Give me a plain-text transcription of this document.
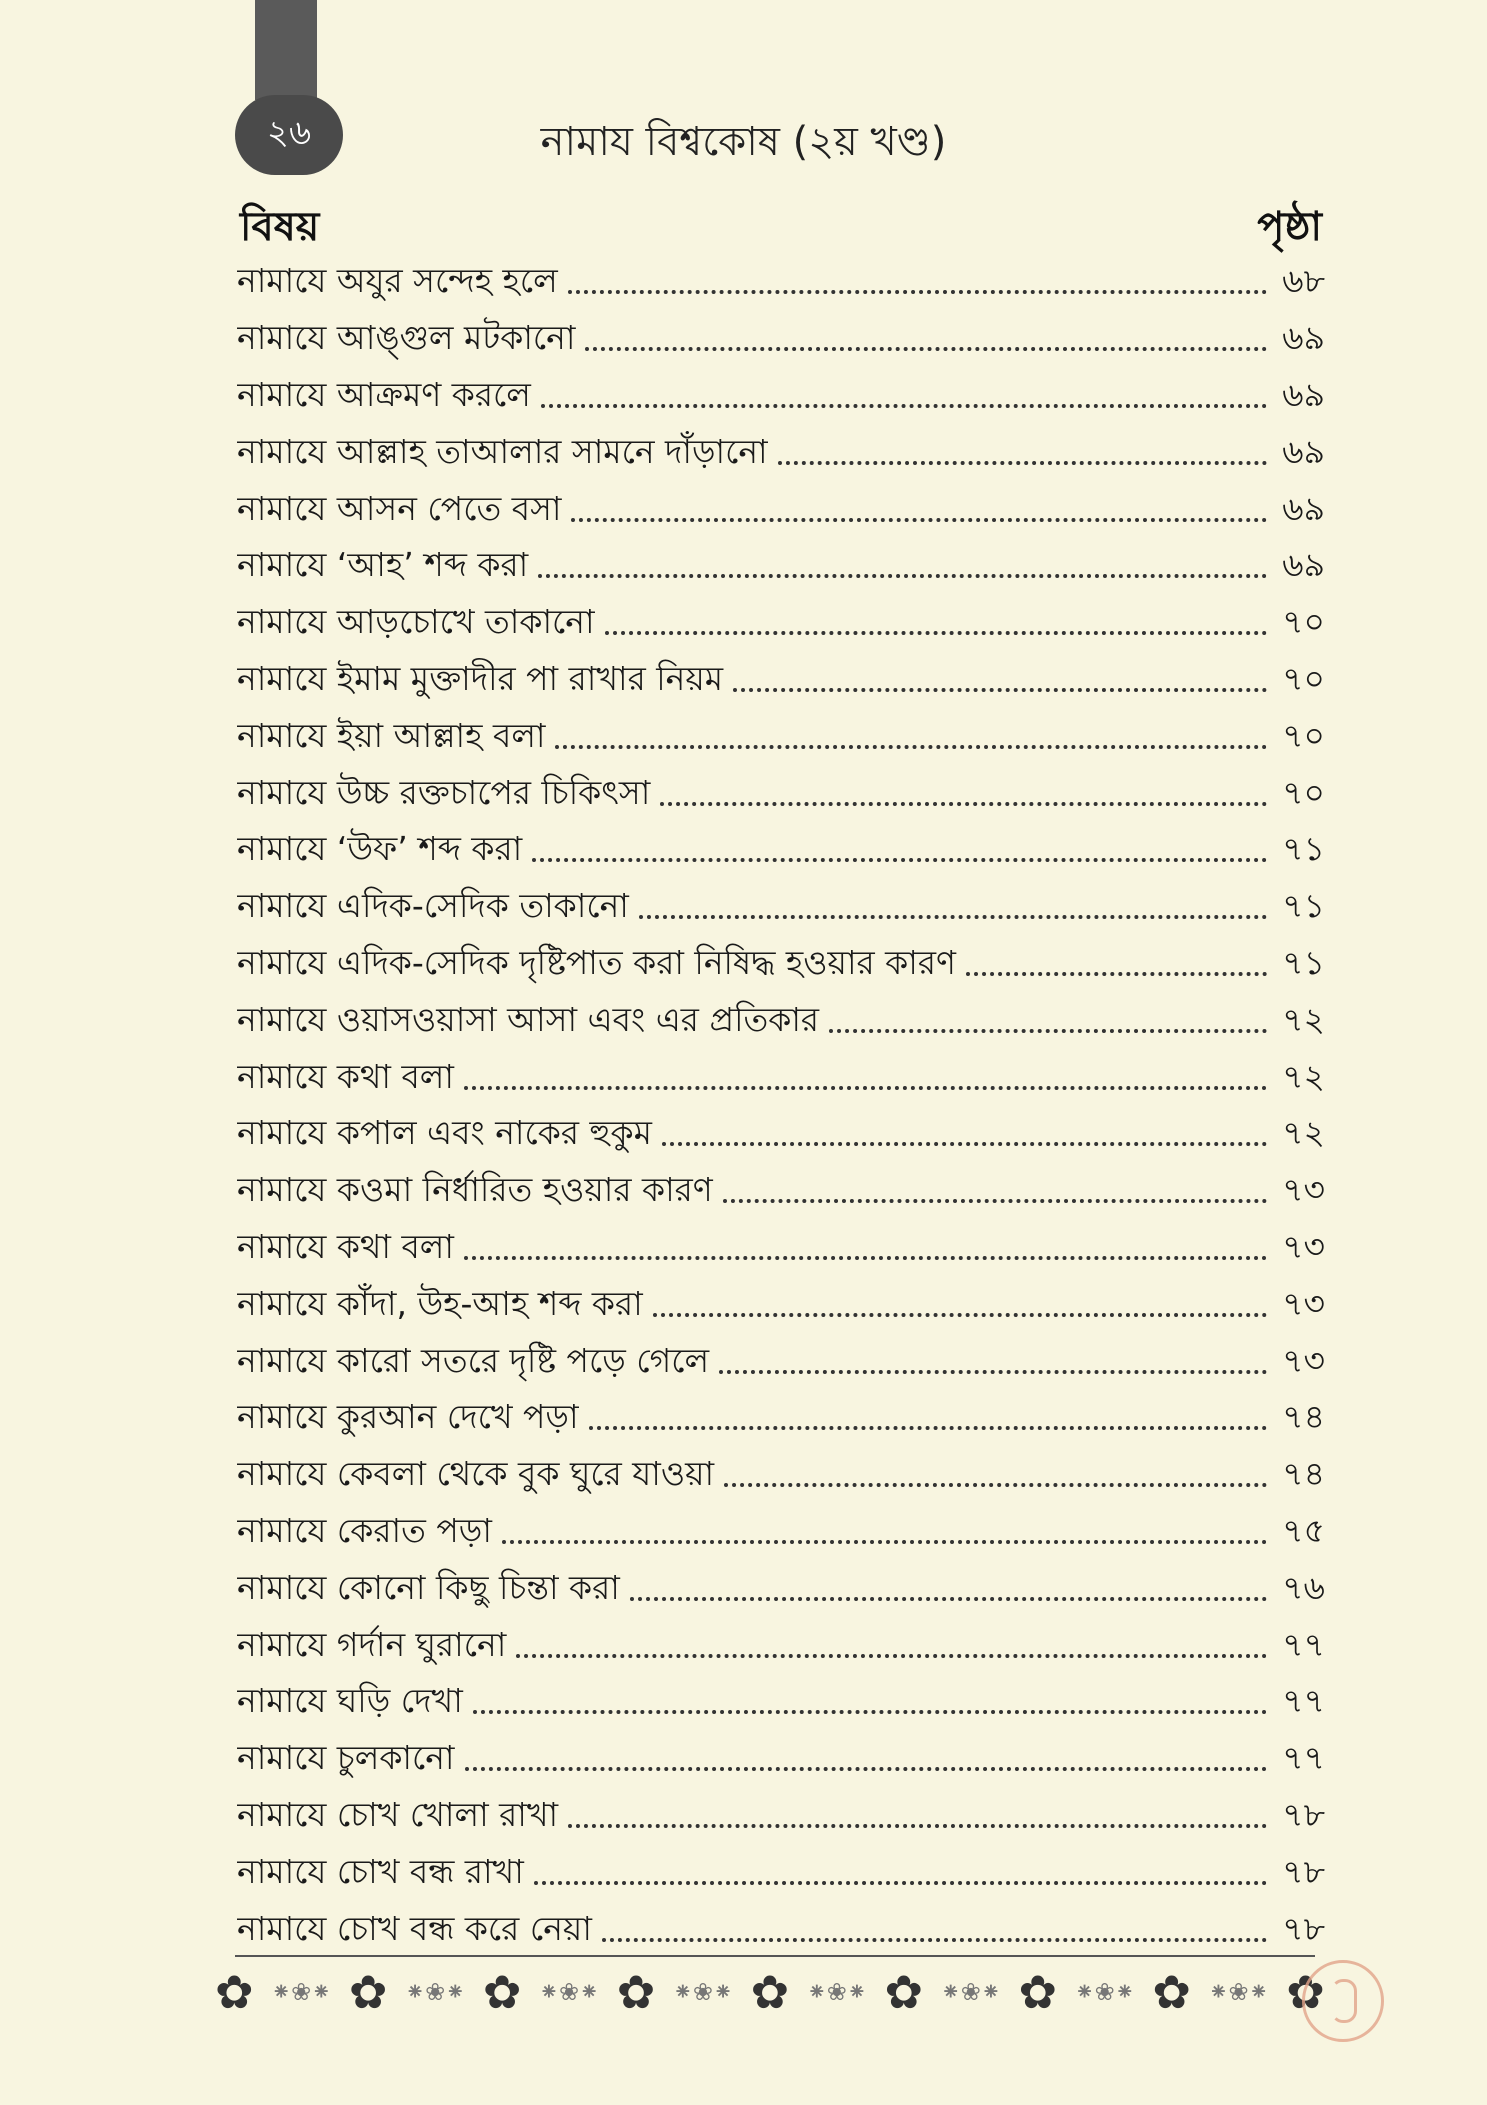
২৬	নামায বিশ্বকোষ (২য় খণ্ড)
বিষয়	পৃষ্ঠা
নামাযে অযুর সন্দেহ হলে	৬৮
নামাযে আঙ্গুল মটকানো	৬৯
নামাযে আক্রমণ করলে	৬৯
নামাযে আল্লাহ তাআলার সামনে দাঁড়ানো	৬৯
নামাযে আসন পেতে বসা	৬৯
নামাযে ‘আহ’ শব্দ করা	৬৯
নামাযে আড়চোখে তাকানো	৭০
নামাযে ইমাম মুক্তাদীর পা রাখার নিয়ম	৭০
নামাযে ইয়া আল্লাহ বলা	৭০
নামাযে উচ্চ রক্তচাপের চিকিৎসা	৭০
নামাযে ‘উফ’ শব্দ করা	৭১
নামাযে এদিক-সেদিক তাকানো	৭১
নামাযে এদিক-সেদিক দৃষ্টিপাত করা নিষিদ্ধ হওয়ার কারণ	৭১
নামাযে ওয়াসওয়াসা আসা এবং এর প্রতিকার	৭২
নামাযে কথা বলা	৭২
নামাযে কপাল এবং নাকের হুকুম	৭২
নামাযে কওমা নির্ধারিত হওয়ার কারণ	৭৩
নামাযে কথা বলা	৭৩
নামাযে কাঁদা, উহ-আহ শব্দ করা	৭৩
নামাযে কারো সতরে দৃষ্টি পড়ে গেলে	৭৩
নামাযে কুরআন দেখে পড়া	৭৪
নামাযে কেবলা থেকে বুক ঘুরে যাওয়া	৭৪
নামাযে কেরাত পড়া	৭৫
নামাযে কোনো কিছু চিন্তা করা	৭৬
নামাযে গর্দান ঘুরানো	৭৭
নামাযে ঘড়ি দেখা	৭৭
নামাযে চুলকানো	৭৭
নামাযে চোখ খোলা রাখা	৭৮
নামাযে চোখ বন্ধ রাখা	৭৮
নামাযে চোখ বন্ধ করে নেয়া	৭৮
✿ ⁕❀⁕ ✿ ⁕❀⁕ ✿ ⁕❀⁕ ✿ ⁕❀⁕ ✿ ⁕❀⁕ ✿ ⁕❀⁕ ✿ ⁕❀⁕ ✿ ⁕❀⁕ ✿
